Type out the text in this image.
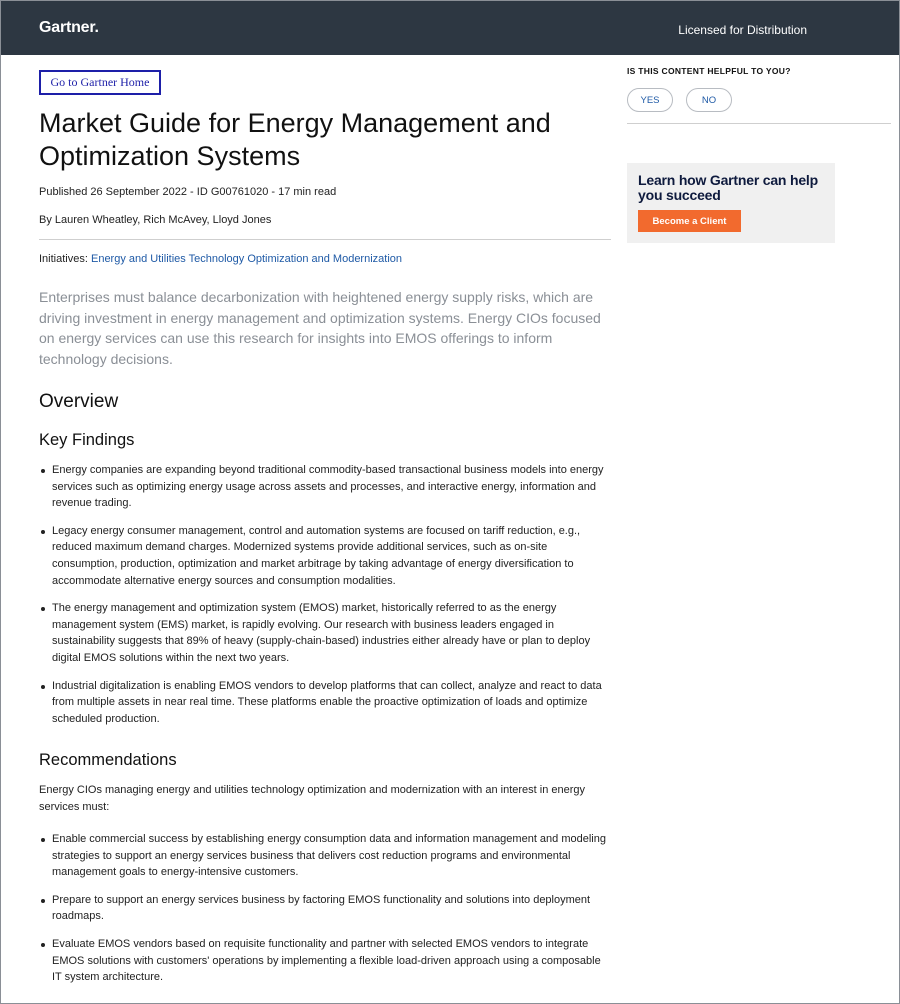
Gartner.	Licensed for Distribution
Go to Gartner Home
Market Guide for Energy Management and Optimization Systems
Published 26 September 2022 - ID G00761020 - 17 min read
By Lauren Wheatley, Rich McAvey, Lloyd Jones
Initiatives: Energy and Utilities Technology Optimization and Modernization

Enterprises must balance decarbonization with heightened energy supply risks, which are driving investment in energy management and optimization systems. Energy CIOs focused on energy services can use this research for insights into EMOS offerings to inform technology decisions.

Overview
Key Findings
Energy companies are expanding beyond traditional commodity-based transactional business models into energy services such as optimizing energy usage across assets and processes, and interactive energy, information and revenue trading.
Legacy energy consumer management, control and automation systems are focused on tariff reduction, e.g., reduced maximum demand charges. Modernized systems provide additional services, such as on-site consumption, production, optimization and market arbitrage by taking advantage of energy diversification to accommodate alternative energy sources and consumption modalities.
The energy management and optimization system (EMOS) market, historically referred to as the energy management system (EMS) market, is rapidly evolving. Our research with business leaders engaged in sustainability suggests that 89% of heavy (supply-chain-based) industries either already have or plan to deploy digital EMOS solutions within the next two years.
Industrial digitalization is enabling EMOS vendors to develop platforms that can collect, analyze and react to data from multiple assets in near real time. These platforms enable the proactive optimization of loads and optimize scheduled production.
Recommendations

Energy CIOs managing energy and utilities technology optimization and modernization with an interest in energy services must:

Enable commercial success by establishing energy consumption data and information management and modeling strategies to support an energy services business that delivers cost reduction programs and environmental management goals to energy-intensive customers.
Prepare to support an energy services business by factoring EMOS functionality and solutions into deployment roadmaps.
Evaluate EMOS vendors based on requisite functionality and partner with selected EMOS vendors to integrate EMOS solutions with customers' operations by implementing a flexible load-driven approach using a composable IT system architecture.
IS THIS CONTENT HELPFUL TO YOU?
YES	NO
Learn how Gartner can help you succeed
Become a Client
